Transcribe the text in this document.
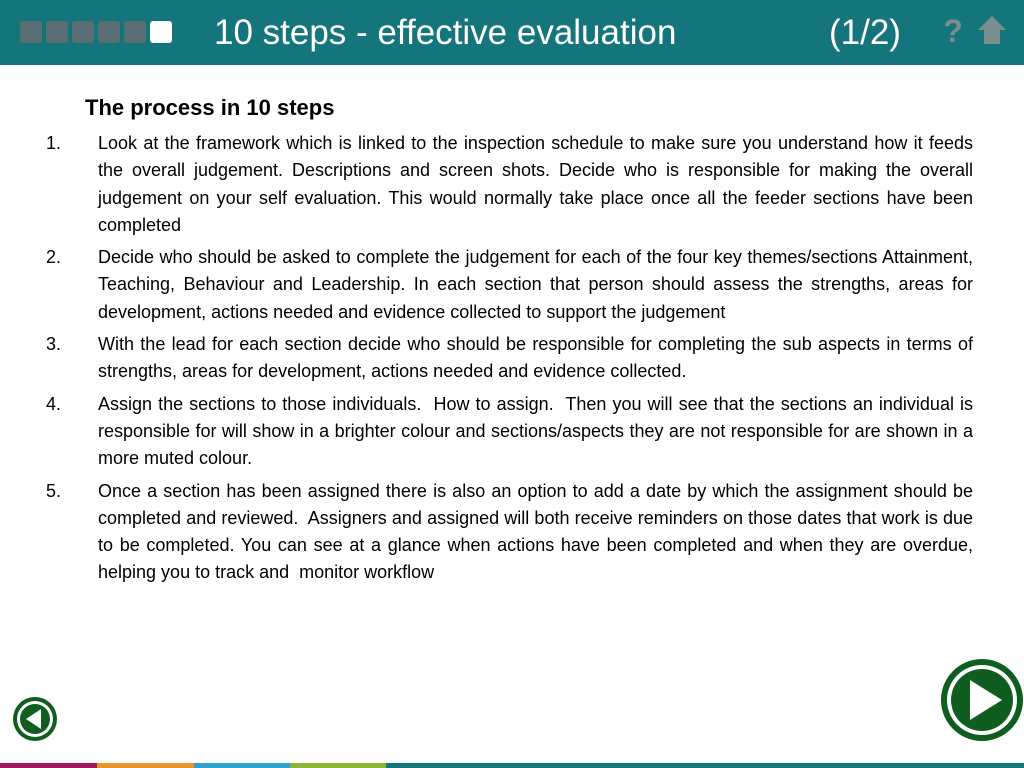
10 steps - effective evaluation	(1/2) ?
The process in 10 steps
1. Look at the framework which is linked to the inspection schedule to make sure you understand how it feeds the overall judgement. Descriptions and screen shots. Decide who is responsible for making the overall judgement on your self evaluation. This would normally take place once all the feeder sections have been completed
2. Decide who should be asked to complete the judgement for each of the four key themes/sections Attainment, Teaching, Behaviour and Leadership. In each section that person should assess the strengths, areas for development, actions needed and evidence collected to support the judgement
3. With the lead for each section decide who should be responsible for completing the sub aspects in terms of strengths, areas for development, actions needed and evidence collected.
4. Assign the sections to those individuals.  How to assign.  Then you will see that the sections an individual is responsible for will show in a brighter colour and sections/aspects they are not responsible for are shown in a more muted colour.
5. Once a section has been assigned there is also an option to add a date by which the assignment should be completed and reviewed.  Assigners and assigned will both receive reminders on those dates that work is due to be completed. You can see at a glance when actions have been completed and when they are overdue, helping you to track and  monitor workflow
